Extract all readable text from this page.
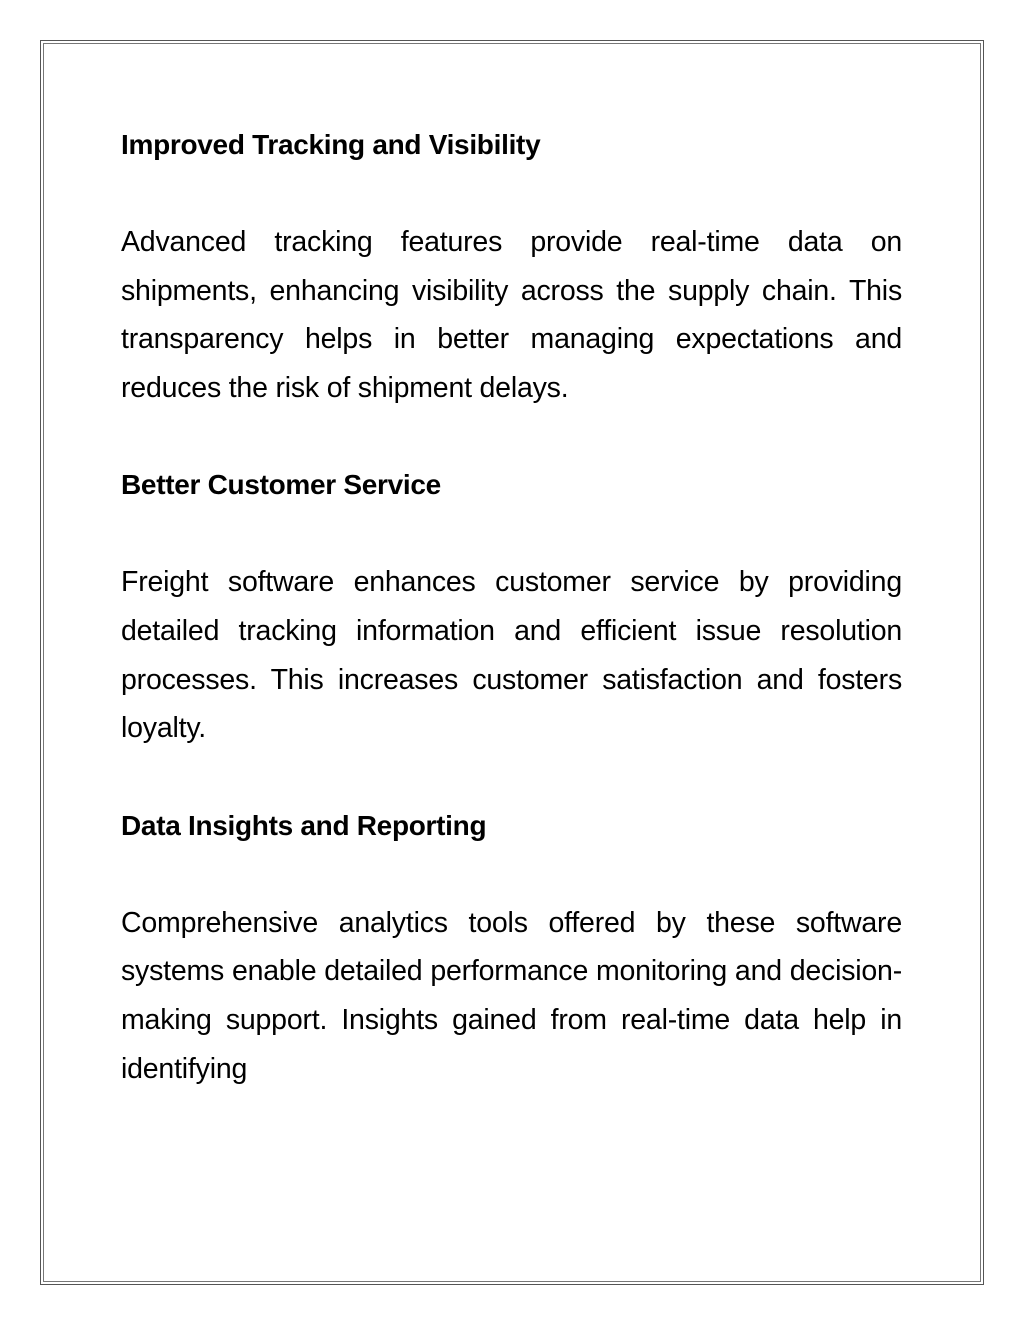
Improved Tracking and Visibility

Advanced tracking features provide real-time data on shipments, enhancing visibility across the supply chain. This transparency helps in better managing expectations and reduces the risk of shipment delays.

Better Customer Service

Freight software enhances customer service by providing detailed tracking information and efficient issue resolution processes. This increases customer satisfaction and fosters loyalty.

Data Insights and Reporting

Comprehensive analytics tools offered by these software systems enable detailed performance monitoring and decision-making support. Insights gained from real-time data help in identifying
